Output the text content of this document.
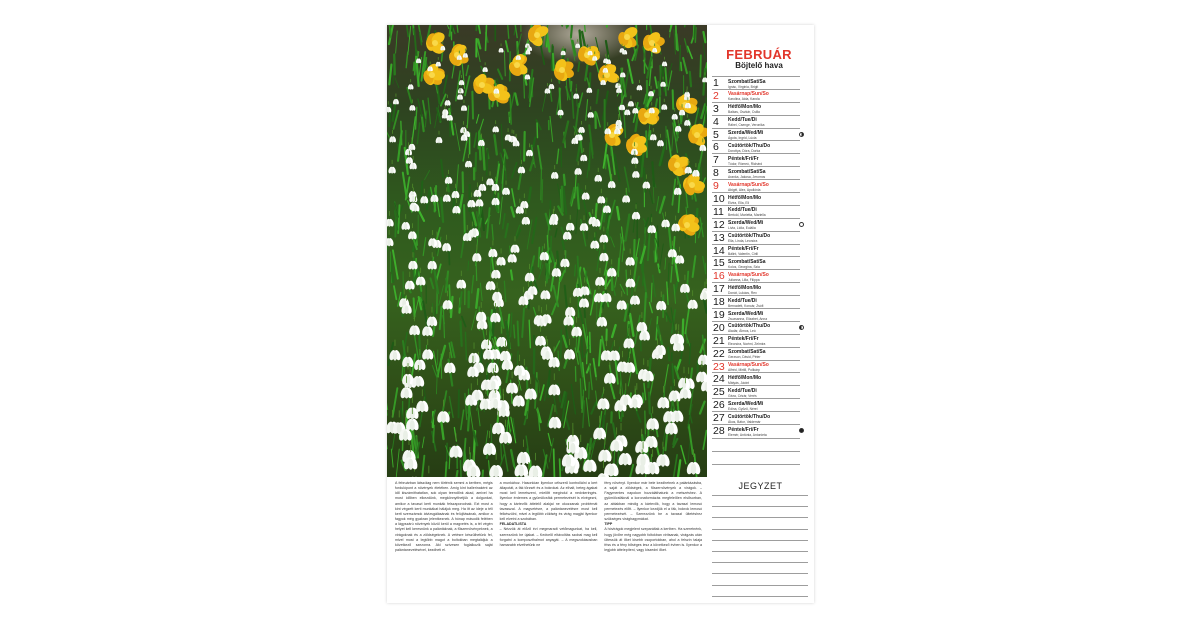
FEBRUÁR
Böjtelő hava
1 Szombat/Sat/Sa
Ignác, Virginia, Brigit
2 Vasárnap/Sun/So
Karolina, Aida, Karola
3 Hétfő/Mon/Mo
Balázs, Oszkár, Csilla
4 Kedd/Tue/Di
Ráhel, Csenge, Veronika
5 Szerda/Wed/Mi
Ágota, Ingrid, Lúcia
6 Csütörtök/Thu/Do
Dorottya, Dóra, Dorka
7 Péntek/Fri/Fr
Tódor, Rómeó, Richárd
8 Szombat/Sat/Sa
Aranka, Jakosa, Jeromos
9 Vasárnap/Sun/So
Abigél, Alex, Apollónia
10 Hétfő/Mon/Mo
Elvira, Ella, Eli
11 Kedd/Tue/Di
Bertold, Marietta, Mariella
12 Szerda/Wed/Mi
Lívia, Lídia, Eulália
13 Csütörtök/Thu/Do
Ella, Linda, Leonóra
14 Péntek/Fri/Fr
Bálint, Valentin, Cirill
15 Szombat/Sat/Sa
Kolos, Georgina, Szia
16 Vasárnap/Sun/So
Julianna, Lilla, Filippa
17 Hétfő/Mon/Mo
Donát, Lukács, Rex
18 Kedd/Tue/Di
Bernadett, Koncár, Zsófi
19 Szerda/Wed/Mi
Zsuzsanna, Elizabet, Anna
20 Csütörtök/Thu/Do
Aladár, Álmos, Leó
21 Péntek/Fri/Fr
Eleonóra, Noémi, Zelmira
22 Szombat/Sat/Sa
Gerzson, Dávid, Péter
23 Vasárnap/Sun/So
Alfréd, Mirtill, Polikárp
24 Hétfő/Mon/Mo
Mátyás, Jácint
25 Kedd/Tue/Di
Géza, Cézár, Verés
26 Szerda/Wed/Mi
Edina, Győző, Nérei
27 Csütörtök/Thu/Do
Ákos, Bátor, Valdemár
28 Péntek/Fri/Fr
Elemér, Antónia, Antonieta
JEGYZET
A februárban látszólag nem történik semmi a kertben, mégis fordulópont a növények életében. Amíg kint ballerinaként az idő kiszámíthatatlan, sok olyan teendőnk akad, amivel ha most időben elkezdünk, megkönnyíthetjük a dolgunkat, amikor a tavaszi kerti munkák felszaporodnak. Ezt most a kint végzett kerti munkákat hálájuk meg. Ha itt az ideje a téli kerti szerszámok átvizsgálásának és felújításának, amikor a fagyok még gyakran jelentkeznek. A hónap második felében a lágyszárú növények közül kerül a magvetés is, a tél végén helyet kell keresnünk a palántáknak, a fűszernövényeknek, a virágoknak és a zöldségeknek. A vetésre készülhetünk fel, mivel most a legtöbb magot a boltokban megtaláljuk a következő szezonra. Aki szívesen foglalkozik saját palántanevelésével, kezdheti el.
a munkához. Hasonlóan ilyenkor célszerű kontrollálni a kert állapotát, a fák törzsét és a bokrokat. Az elhalt, beteg ágakat most kell lemetszeni, mielőtt megindul a nedvkeringés. Ilyenkor érdemes a gyümölcsfák permetezését is elvégezni, hogy a kártevők áttelelő alakjai ne okozzanak problémát tavasszal. A magvetésre, a palántanevelésre most kell felkészülni, mivel a legtöbb zöldség és virág magját ilyenkor kell elvetni a szobában.
FELADATLISTA
– Nézzük át előző évi megmaradt vetőmagunkat, ha kell, szerezzünk be újakat. – Kedvelő eltávolítás szobai mag kell forgatni a komposzthalmot anyagát. – A megszokásosban hamarabb elvethetünk ne
fény növényt. Ilyenkor már bele kezdhetnek a palántázásba, a saját a zöldségek, a fűszernövények a virágok. – Fagymentes napokon hozzáláthatunk a metszéshez. A gyümölcsfáknál a koronaformázás megfelelően elsősorban, az ablakban mindig a kártevők, hogy a tavaszi lemosó permetezés előtt. – Ilyenkor kezdjük el a fák, bokrok lemosó permetezését. – Szerezzünk be a tavaszi ültetéshez szükséges virághagymákat.
TIPP
A hóvirágok megjelent szeparáltak a kertben. Ha szeretnénk, hogy jövőre még nagyobb foltokban virítsanak, virágzás után ültessük át őket kisebb csoportokban, ahol a felszín talaja friss és a fény bőséges lesz a következő évben is. Ilyenkor a legjobb áttelepíteni, vagy kiszedni őket.
